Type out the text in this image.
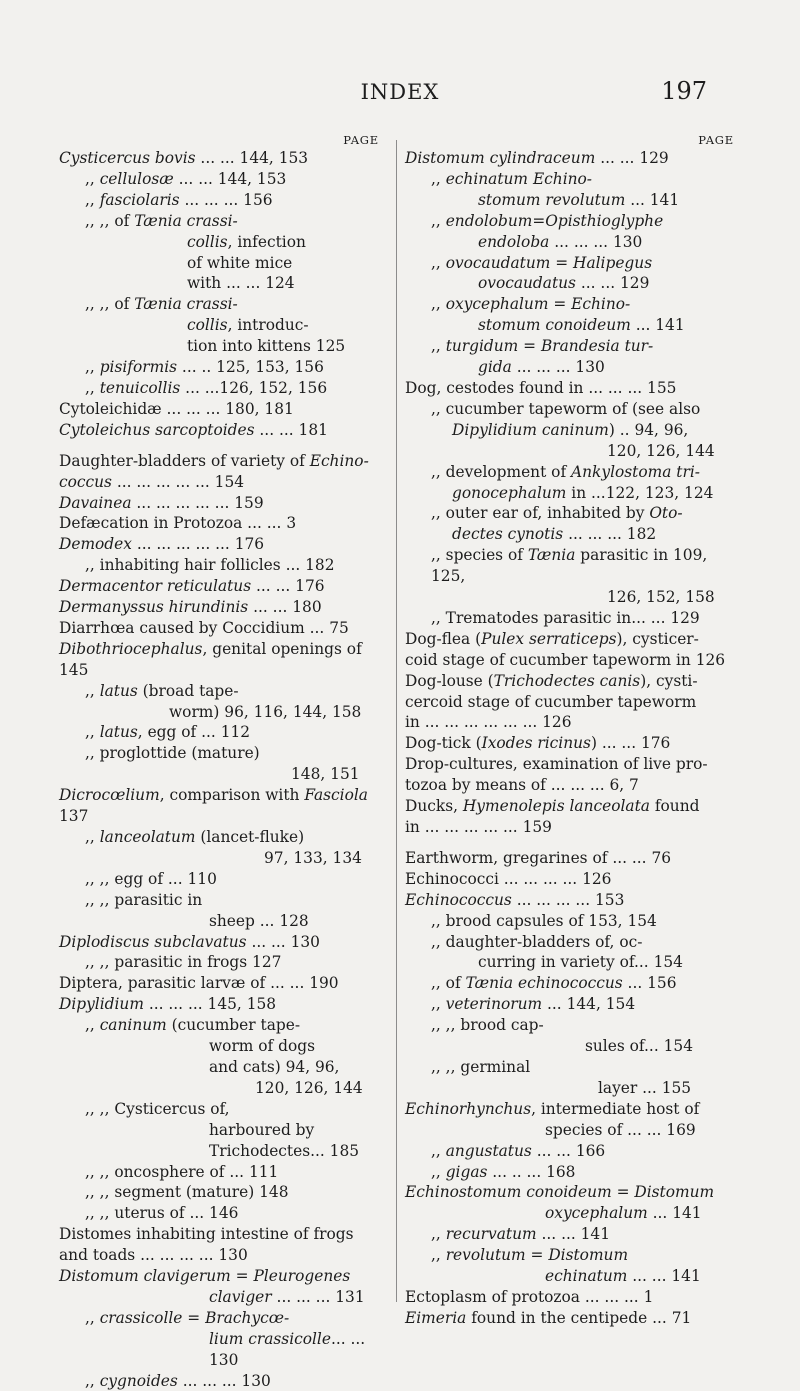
INDEX	197
PAGE
Cysticercus bovis ... ... 144, 153
,, cellulosæ ... ... 144, 153
,, fasciolaris ... ... ... 156
,, ,, of Tænia crassi-
collis, infection
of white mice
with ... ... 124
,, ,, of Tænia crassi-
collis, introduc-
tion into kittens 125
,, pisiformis ... .. 125, 153, 156
,, tenuicollis ... ...126, 152, 156
Cytoleichidæ ... ... ... 180, 181
Cytoleichus sarcoptoides ... ... 181
Daughter-bladders of variety of Echino-
coccus ... ... ... ... ... 154
Davainea ... ... ... ... ... 159
Defæcation in Protozoa ... ... 3
Demodex ... ... ... ... ... 176
,, inhabiting hair follicles ... 182
Dermacentor reticulatus ... ... 176
Dermanyssus hirundinis ... ... 180
Diarrhœa caused by Coccidium ... 75
Dibothriocephalus, genital openings of 145
,, latus (broad tape-
worm) 96, 116, 144, 158
,, latus, egg of ... 112
,, proglottide (mature)
148, 151
Dicrocœlium, comparison with Fasciola 137
,, lanceolatum (lancet-fluke)
97, 133, 134
,, ,, egg of ... 110
,, ,, parasitic in
sheep ... 128
Diplodiscus subclavatus ... ... 130
,, ,, parasitic in frogs 127
Diptera, parasitic larvæ of ... ... 190
Dipylidium ... ... ... 145, 158
,, caninum (cucumber tape-
worm of dogs
and cats) 94, 96,
120, 126, 144
,, ,, Cysticercus of,
harboured by
Trichodectes... 185
,, ,, oncosphere of ... 111
,, ,, segment (mature) 148
,, ,, uterus of ... 146
Distomes inhabiting intestine of frogs
and toads ... ... ... ... 130
Distomum clavigerum = Pleurogenes
claviger ... ... ... 131
,, crassicolle = Brachycœ-
lium crassicolle... ... 130
,, cygnoides ... ... ... 130
PAGE
Distomum cylindraceum ... ... 129
,, echinatum Echino-
stomum revolutum ... 141
,, endolobum=Opisthioglyphe
endoloba ... ... ... 130
,, ovocaudatum = Halipegus
ovocaudatus ... ... 129
,, oxycephalum = Echino-
stomum conoideum ... 141
,, turgidum = Brandesia tur-
gida ... ... ... 130
Dog, cestodes found in ... ... ... 155
,, cucumber tapeworm of (see also
Dipylidium caninum) .. 94, 96,
120, 126, 144
,, development of Ankylostoma tri-
gonocephalum in ...122, 123, 124
,, outer ear of, inhabited by Oto-
dectes cynotis ... ... ... 182
,, species of Tænia parasitic in 109, 125,
126, 152, 158
,, Trematodes parasitic in... ... 129
Dog-flea (Pulex serraticeps), cysticer-
coid stage of cucumber tapeworm in 126
Dog-louse (Trichodectes canis), cysti-
cercoid stage of cucumber tapeworm
in ... ... ... ... ... ... 126
Dog-tick (Ixodes ricinus) ... ... 176
Drop-cultures, examination of live pro-
tozoa by means of ... ... ... 6, 7
Ducks, Hymenolepis lanceolata found
in ... ... ... ... ... 159
Earthworm, gregarines of ... ... 76
Echinococci ... ... ... ... 126
Echinococcus ... ... ... ... 153
,, brood capsules of 153, 154
,, daughter-bladders of, oc-
curring in variety of... 154
,, of Tænia echinococcus ... 156
,, veterinorum ... 144, 154
,, ,, brood cap-
sules of... 154
,, ,, germinal
layer ... 155
Echinorhynchus, intermediate host of
species of ... ... 169
,, angustatus ... ... 166
,, gigas ... .. ... 168
Echinostomum conoideum = Distomum
oxycephalum ... 141
,, recurvatum ... ... 141
,, revolutum = Distomum
echinatum ... ... 141
Ectoplasm of protozoa ... ... ... 1
Eimeria found in the centipede ... 71
